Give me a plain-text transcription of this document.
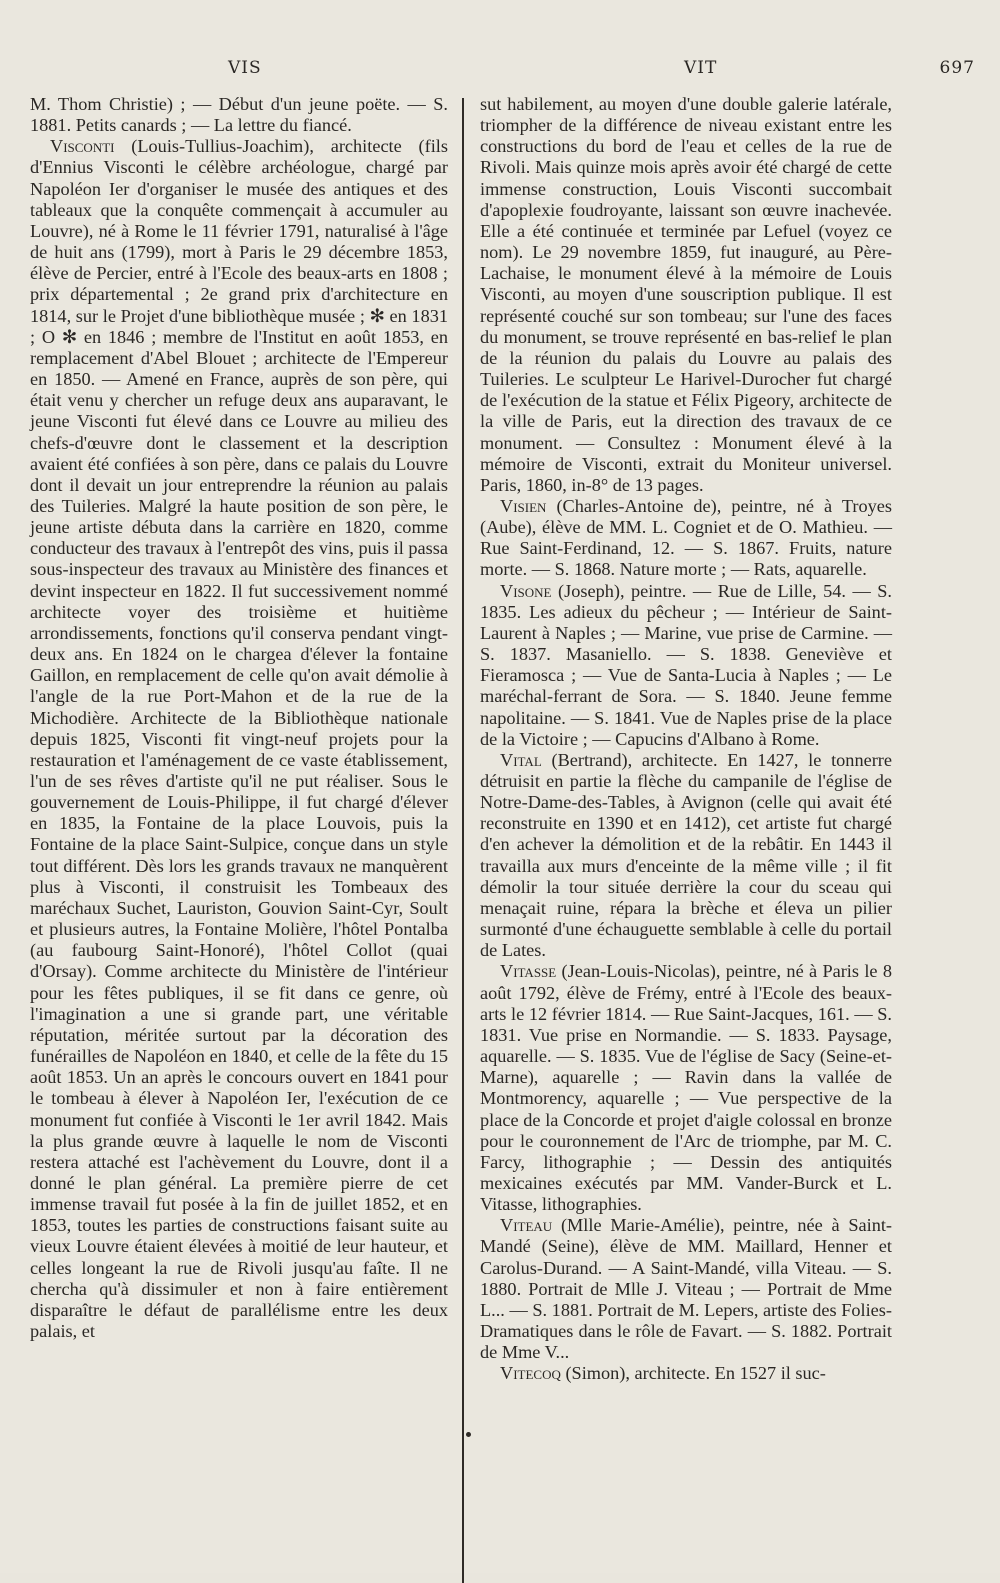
VIS	VIT	697

M. Thom Christie) ; — Début d'un jeune poëte. — S. 1881. Petits canards ; — La lettre du fiancé.

Visconti (Louis-Tullius-Joachim), architecte (fils d'Ennius Visconti le célèbre archéologue, chargé par Napoléon Ier d'organiser le musée des antiques et des tableaux que la conquête commençait à accumuler au Louvre), né à Rome le 11 février 1791, naturalisé à l'âge de huit ans (1799), mort à Paris le 29 décembre 1853, élève de Percier, entré à l'Ecole des beaux-arts en 1808 ; prix départemental ; 2e grand prix d'architecture en 1814, sur le Projet d'une bibliothèque musée ; ✻ en 1831 ; O ✻ en 1846 ; membre de l'Institut en août 1853, en remplacement d'Abel Blouet ; architecte de l'Empereur en 1850. — Amené en France, auprès de son père, qui était venu y chercher un refuge deux ans auparavant, le jeune Visconti fut élevé dans ce Louvre au milieu des chefs-d'œuvre dont le classement et la description avaient été confiées à son père, dans ce palais du Louvre dont il devait un jour entreprendre la réunion au palais des Tuileries. Malgré la haute position de son père, le jeune artiste débuta dans la carrière en 1820, comme conducteur des travaux à l'entrepôt des vins, puis il passa sous-inspecteur des travaux au Ministère des finances et devint inspecteur en 1822. Il fut successivement nommé architecte voyer des troisième et huitième arrondissements, fonctions qu'il conserva pendant vingt-deux ans. En 1824 on le chargea d'élever la fontaine Gaillon, en remplacement de celle qu'on avait démolie à l'angle de la rue Port-Mahon et de la rue de la Michodière. Architecte de la Bibliothèque nationale depuis 1825, Visconti fit vingt-neuf projets pour la restauration et l'aménagement de ce vaste établissement, l'un de ses rêves d'artiste qu'il ne put réaliser. Sous le gouvernement de Louis-Philippe, il fut chargé d'élever en 1835, la Fontaine de la place Louvois, puis la Fontaine de la place Saint-Sulpice, conçue dans un style tout différent. Dès lors les grands travaux ne manquèrent plus à Visconti, il construisit les Tombeaux des maréchaux Suchet, Lauriston, Gouvion Saint-Cyr, Soult et plusieurs autres, la Fontaine Molière, l'hôtel Pontalba (au faubourg Saint-Honoré), l'hôtel Collot (quai d'Orsay). Comme architecte du Ministère de l'intérieur pour les fêtes publiques, il se fit dans ce genre, où l'imagination a une si grande part, une véritable réputation, méritée surtout par la décoration des funérailles de Napoléon en 1840, et celle de la fête du 15 août 1853. Un an après le concours ouvert en 1841 pour le tombeau à élever à Napoléon Ier, l'exécution de ce monument fut confiée à Visconti le 1er avril 1842. Mais la plus grande œuvre à laquelle le nom de Visconti restera attaché est l'achèvement du Louvre, dont il a donné le plan général. La première pierre de cet immense travail fut posée à la fin de juillet 1852, et en 1853, toutes les parties de constructions faisant suite au vieux Louvre étaient élevées à moitié de leur hauteur, et celles longeant la rue de Rivoli jusqu'au faîte. Il ne chercha qu'à dissimuler et non à faire entièrement disparaître le défaut de parallélisme entre les deux palais, et

sut habilement, au moyen d'une double galerie latérale, triompher de la différence de niveau existant entre les constructions du bord de l'eau et celles de la rue de Rivoli. Mais quinze mois après avoir été chargé de cette immense construction, Louis Visconti succombait d'apoplexie foudroyante, laissant son œuvre inachevée. Elle a été continuée et terminée par Lefuel (voyez ce nom). Le 29 novembre 1859, fut inauguré, au Père-Lachaise, le monument élevé à la mémoire de Louis Visconti, au moyen d'une souscription publique. Il est représenté couché sur son tombeau; sur l'une des faces du monument, se trouve représenté en bas-relief le plan de la réunion du palais du Louvre au palais des Tuileries. Le sculpteur Le Harivel-Durocher fut chargé de l'exécution de la statue et Félix Pigeory, architecte de la ville de Paris, eut la direction des travaux de ce monument. — Consultez : Monument élevé à la mémoire de Visconti, extrait du Moniteur universel. Paris, 1860, in-8° de 13 pages.

Visien (Charles-Antoine de), peintre, né à Troyes (Aube), élève de MM. L. Cogniet et de O. Mathieu. — Rue Saint-Ferdinand, 12. — S. 1867. Fruits, nature morte. — S. 1868. Nature morte ; — Rats, aquarelle.

Visone (Joseph), peintre. — Rue de Lille, 54. — S. 1835. Les adieux du pêcheur ; — Intérieur de Saint-Laurent à Naples ; — Marine, vue prise de Carmine. — S. 1837. Masaniello. — S. 1838. Geneviève et Fieramosca ; — Vue de Santa-Lucia à Naples ; — Le maréchal-ferrant de Sora. — S. 1840. Jeune femme napolitaine. — S. 1841. Vue de Naples prise de la place de la Victoire ; — Capucins d'Albano à Rome.

Vital (Bertrand), architecte. En 1427, le tonnerre détruisit en partie la flèche du campanile de l'église de Notre-Dame-des-Tables, à Avignon (celle qui avait été reconstruite en 1390 et en 1412), cet artiste fut chargé d'en achever la démolition et de la rebâtir. En 1443 il travailla aux murs d'enceinte de la même ville ; il fit démolir la tour située derrière la cour du sceau qui menaçait ruine, répara la brèche et éleva un pilier surmonté d'une échauguette semblable à celle du portail de Lates.

Vitasse (Jean-Louis-Nicolas), peintre, né à Paris le 8 août 1792, élève de Frémy, entré à l'Ecole des beaux-arts le 12 février 1814. — Rue Saint-Jacques, 161. — S. 1831. Vue prise en Normandie. — S. 1833. Paysage, aquarelle. — S. 1835. Vue de l'église de Sacy (Seine-et-Marne), aquarelle ; — Ravin dans la vallée de Montmorency, aquarelle ; — Vue perspective de la place de la Concorde et projet d'aigle colossal en bronze pour le couronnement de l'Arc de triomphe, par M. C. Farcy, lithographie ; — Dessin des antiquités mexicaines exécutés par MM. Vander-Burck et L. Vitasse, lithographies.

Viteau (Mlle Marie-Amélie), peintre, née à Saint-Mandé (Seine), élève de MM. Maillard, Henner et Carolus-Durand. — A Saint-Mandé, villa Viteau. — S. 1880. Portrait de Mlle J. Viteau ; — Portrait de Mme L... — S. 1881. Portrait de M. Lepers, artiste des Folies-Dramatiques dans le rôle de Favart. — S. 1882. Portrait de Mme V...

Vitecoq (Simon), architecte. En 1527 il suc-
